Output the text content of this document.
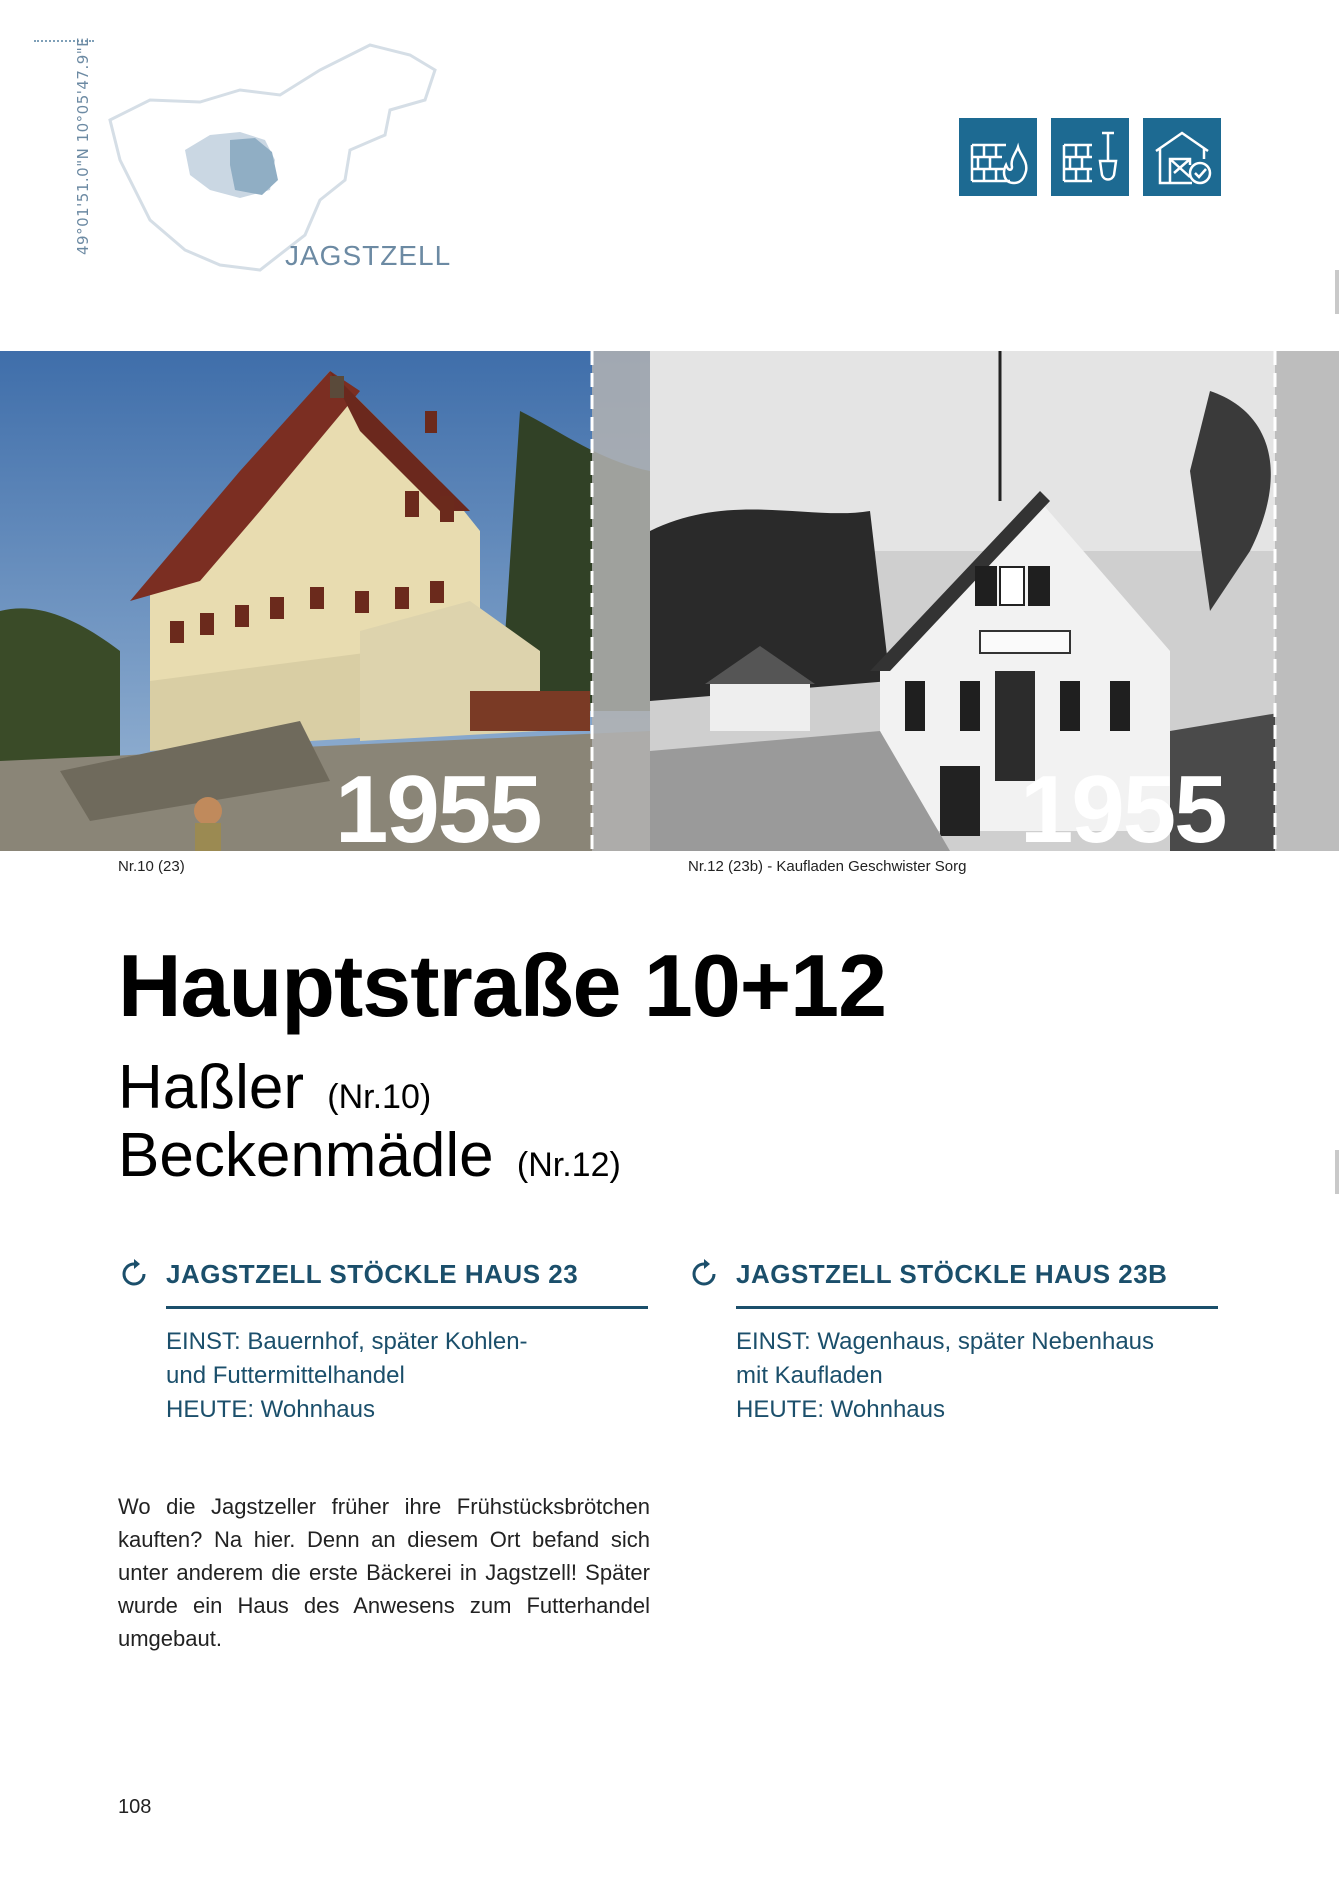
49°01'51.0"N 10°05'47.9"E
JAGSTZELL
1955	1955
Nr.10 (23)	Nr.12 (23b) - Kaufladen Geschwister Sorg
Hauptstraße 10+12
Haßler (Nr.10)
Beckenmädle (Nr.12)
JAGSTZELL STÖCKLE HAUS 23
EINST: Bauernhof, später Kohlen-
und Futtermittelhandel
HEUTE: Wohnhaus
JAGSTZELL STÖCKLE HAUS 23B
EINST: Wagenhaus, später Nebenhaus
mit Kaufladen
HEUTE: Wohnhaus
Wo die Jagstzeller früher ihre Frühstücksbrötchen kauften? Na hier. Denn an diesem Ort befand sich unter anderem die erste Bäckerei in Jagstzell! Später wurde ein Haus des Anwesens zum Futterhandel umgebaut.
108
